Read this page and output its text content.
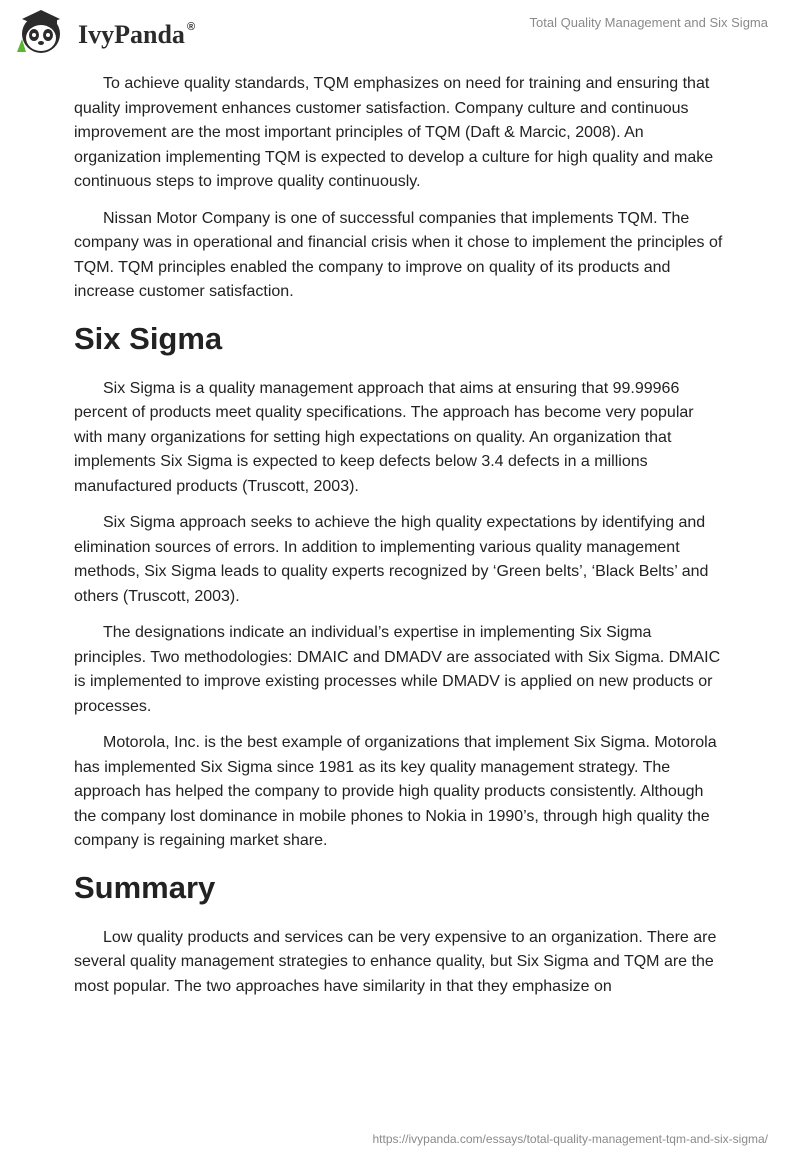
IvyPanda ®	Total Quality Management and Six Sigma

To achieve quality standards, TQM emphasizes on need for training and ensuring that quality improvement enhances customer satisfaction. Company culture and continuous improvement are the most important principles of TQM (Daft & Marcic, 2008). An organization implementing TQM is expected to develop a culture for high quality and make continuous steps to improve quality continuously.

Nissan Motor Company is one of successful companies that implements TQM. The company was in operational and financial crisis when it chose to implement the principles of TQM. TQM principles enabled the company to improve on quality of its products and increase customer satisfaction.

Six Sigma

Six Sigma is a quality management approach that aims at ensuring that 99.99966 percent of products meet quality specifications. The approach has become very popular with many organizations for setting high expectations on quality. An organization that implements Six Sigma is expected to keep defects below 3.4 defects in a millions manufactured products (Truscott, 2003).

Six Sigma approach seeks to achieve the high quality expectations by identifying and elimination sources of errors. In addition to implementing various quality management methods, Six Sigma leads to quality experts recognized by ‘Green belts’, ‘Black Belts’ and others (Truscott, 2003).

The designations indicate an individual’s expertise in implementing Six Sigma principles. Two methodologies: DMAIC and DMADV are associated with Six Sigma. DMAIC is implemented to improve existing processes while DMADV is applied on new products or processes.

Motorola, Inc. is the best example of organizations that implement Six Sigma. Motorola has implemented Six Sigma since 1981 as its key quality management strategy. The approach has helped the company to provide high quality products consistently. Although the company lost dominance in mobile phones to Nokia in 1990’s, through high quality the company is regaining market share.

Summary

Low quality products and services can be very expensive to an organization. There are several quality management strategies to enhance quality, but Six Sigma and TQM are the most popular. The two approaches have similarity in that they emphasize on

https://ivypanda.com/essays/total-quality-management-tqm-and-six-sigma/
